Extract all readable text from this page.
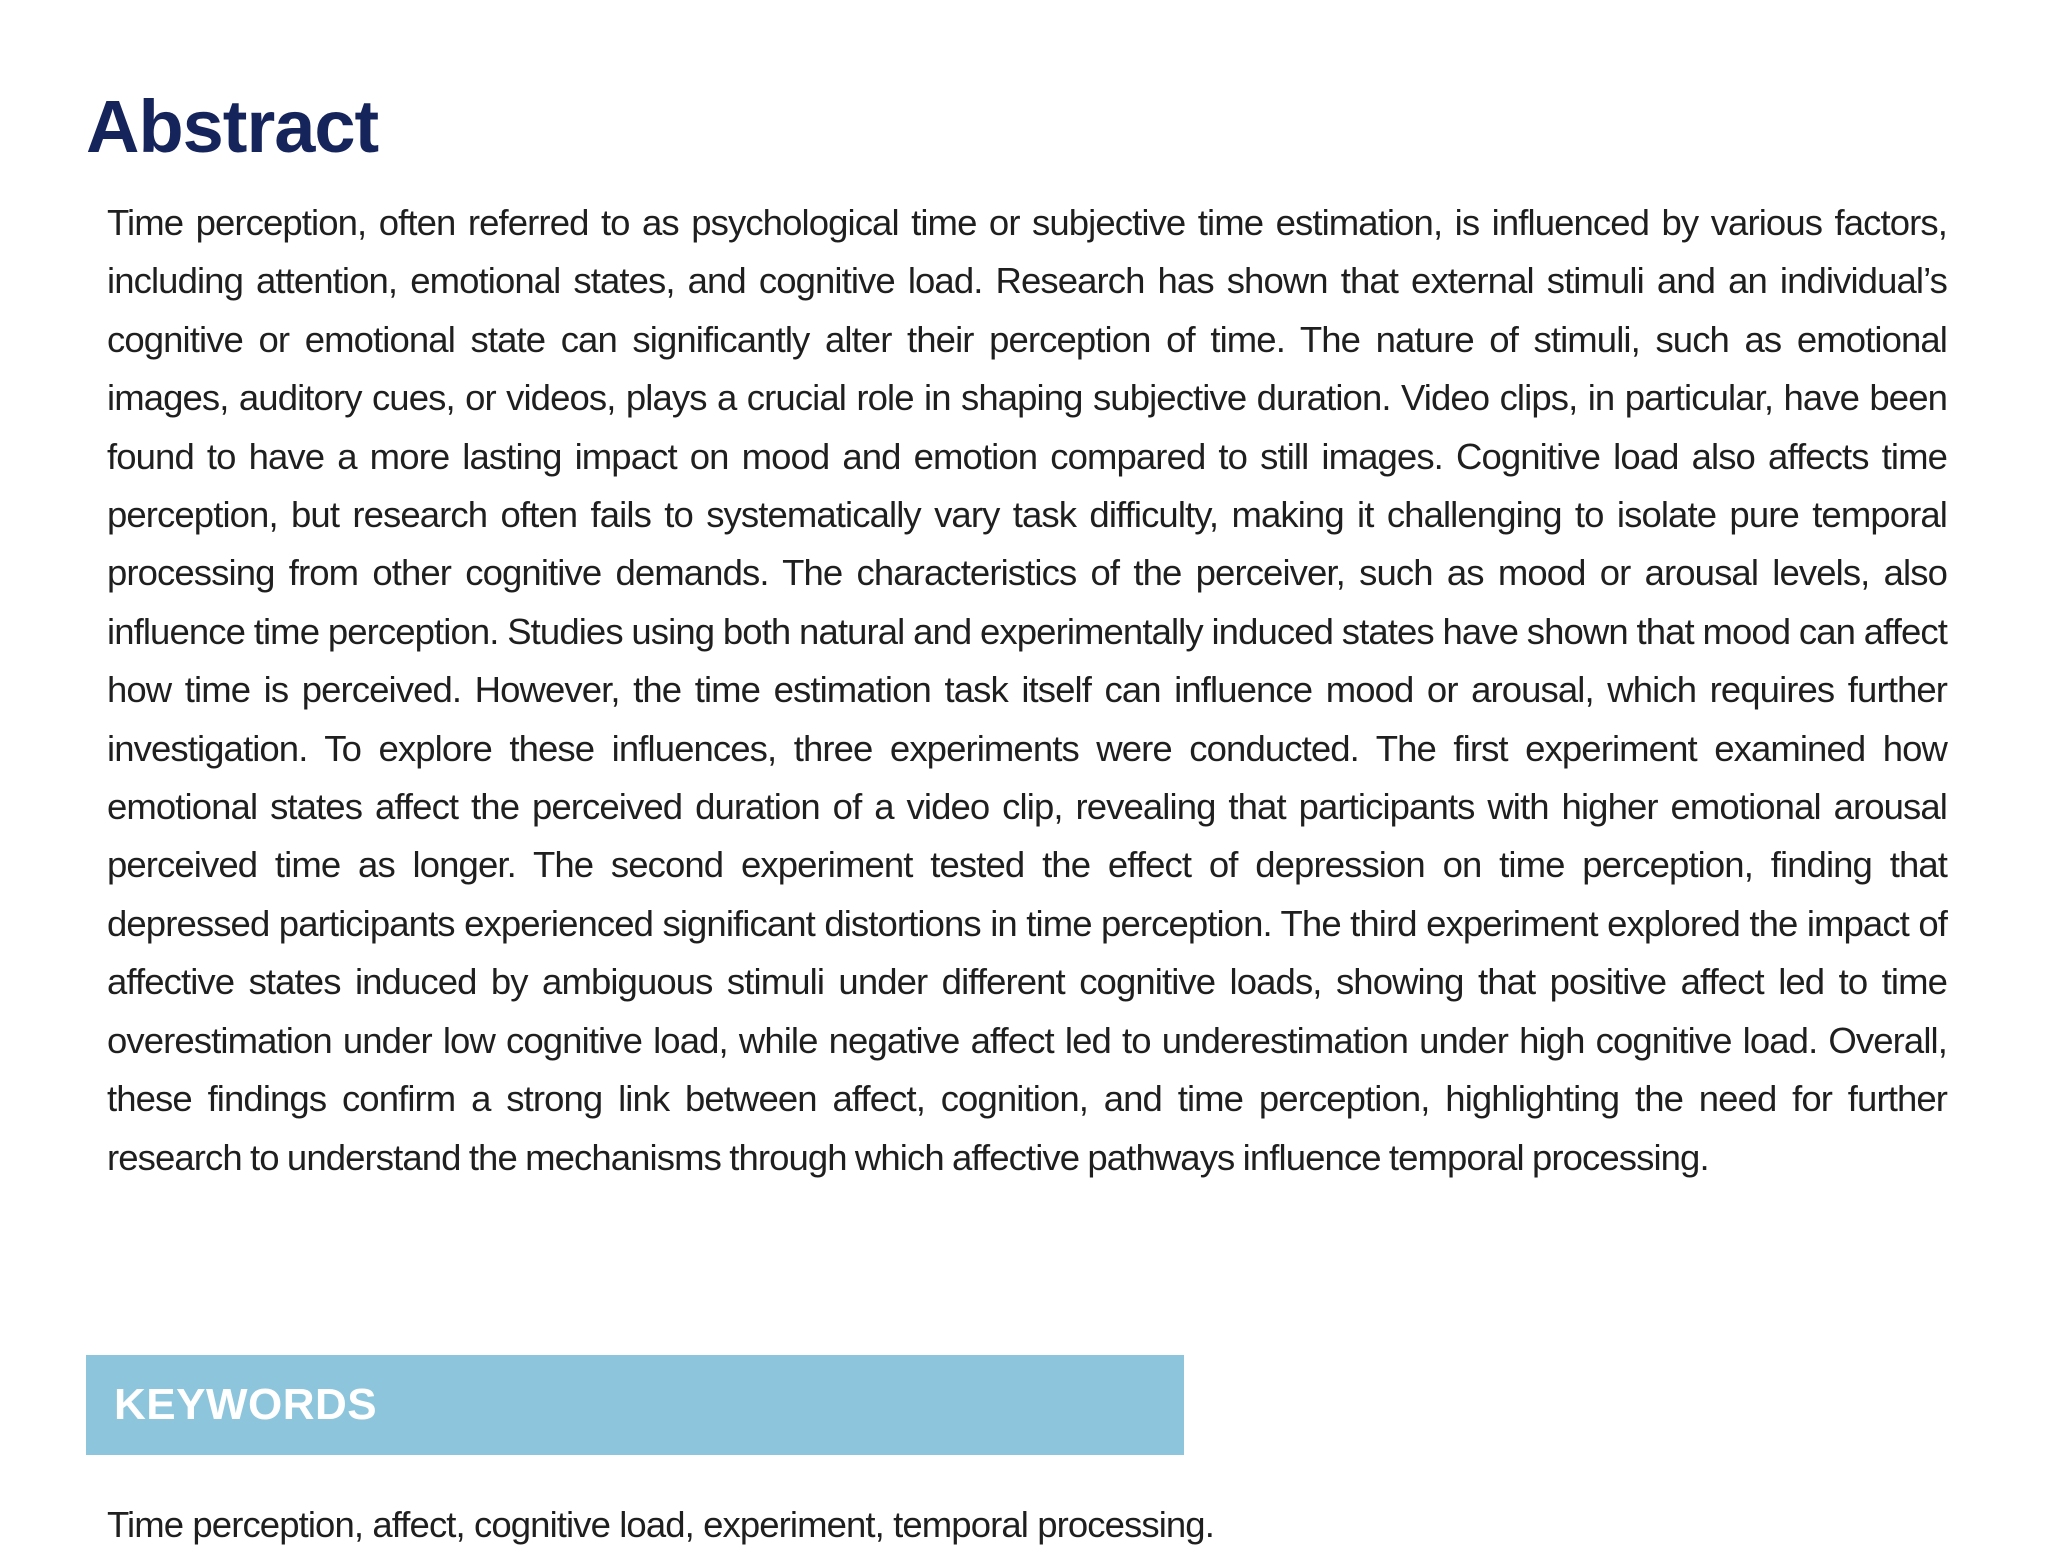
Abstract

Time perception, often referred to as psychological time or subjective time estimation, is influenced by various factors, including attention, emotional states, and cognitive load. Research has shown that external stimuli and an individual’s cognitive or emotional state can significantly alter their perception of time. The nature of stimuli, such as emotional images, auditory cues, or videos, plays a crucial role in shaping subjective duration. Video clips, in particular, have been found to have a more lasting impact on mood and emotion compared to still images. Cognitive load also affects time perception, but research often fails to systematically vary task difficulty, making it challenging to isolate pure temporal processing from other cognitive demands. The characteristics of the perceiver, such as mood or arousal levels, also influence time perception. Studies using both natural and experimentally induced states have shown that mood can affect how time is perceived. However, the time estimation task itself can influence mood or arousal, which requires further investigation. To explore these influences, three experiments were conducted. The first experiment examined how emotional states affect the perceived duration of a video clip, revealing that participants with higher emotional arousal perceived time as longer. The second experiment tested the effect of depression on time perception, finding that depressed participants experienced significant distortions in time perception. The third experiment explored the impact of affective states induced by ambiguous stimuli under different cognitive loads, showing that positive affect led to time overestimation under low cognitive load, while negative affect led to underestimation under high cognitive load. Overall, these findings confirm a strong link between affect, cognition, and time perception, highlighting the need for further research to understand the mechanisms through which affective pathways influence temporal processing.

KEYWORDS

Time perception, affect, cognitive load, experiment, temporal processing.
